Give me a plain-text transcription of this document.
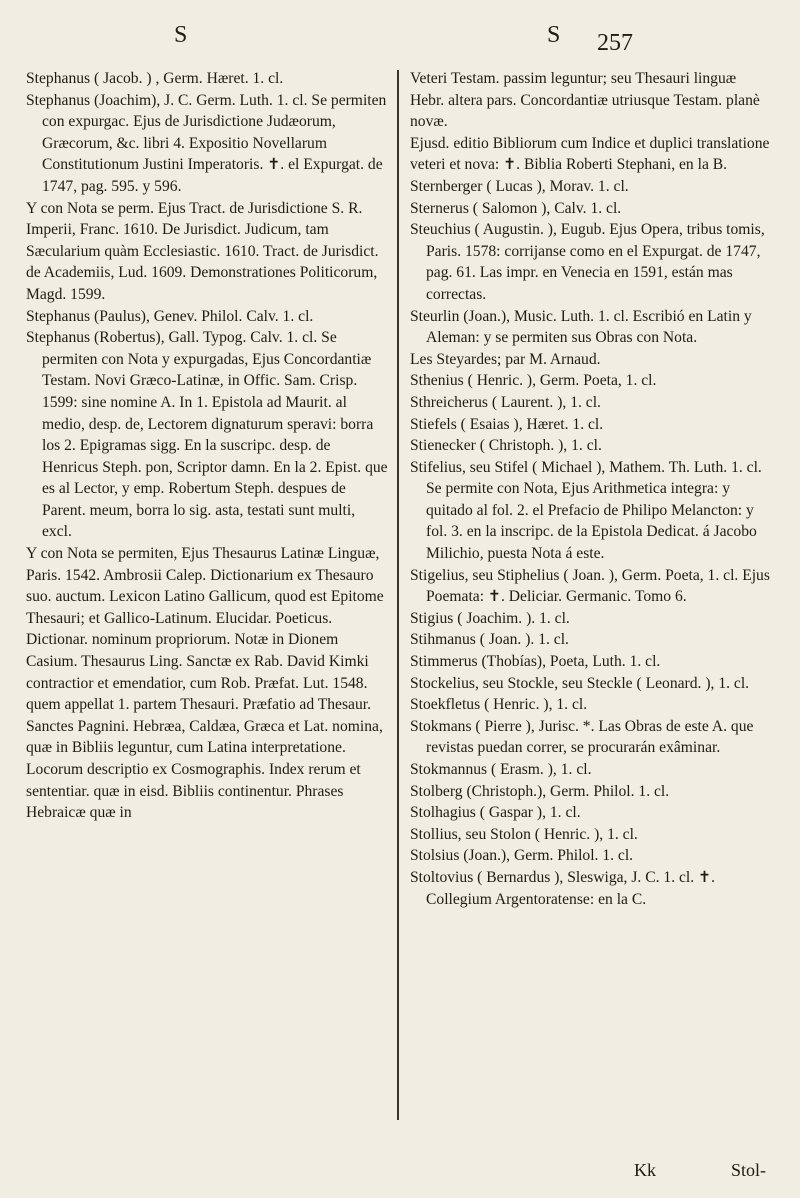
S	S 257

Stephanus ( Jacob. ) , Germ. Hæret. 1. cl.

Stephanus (Joachim), J. C. Germ. Luth. 1. cl. Se permiten con expurgac. Ejus de Jurisdictione Judæorum, Græcorum, &c. libri 4. Expositio Novellarum Constitutionum Justini Imperatoris. ✝. el Expurgat. de 1747, pag. 595. y 596.

Y con Nota se perm. Ejus Tract. de Jurisdictione S. R. Imperii, Franc. 1610. De Jurisdict. Judicum, tam Sæcularium quàm Ecclesiastic. 1610. Tract. de Jurisdict. de Academiis, Lud. 1609. Demonstrationes Politicorum, Magd. 1599.

Stephanus (Paulus), Genev. Philol. Calv. 1. cl.

Stephanus (Robertus), Gall. Typog. Calv. 1. cl. Se permiten con Nota y expurgadas, Ejus Concordantiæ Testam. Novi Græco-Latinæ, in Offic. Sam. Crisp. 1599: sine nomine A. In 1. Epistola ad Maurit. al medio, desp. de, Lectorem dignaturum speravi: borra los 2. Epigramas sigg. En la suscripc. desp. de Henricus Steph. pon, Scriptor damn. En la 2. Epist. que es al Lector, y emp. Robertum Steph. despues de Parent. meum, borra lo sig. asta, testati sunt multi, excl.

Y con Nota se permiten, Ejus Thesaurus Latinæ Linguæ, Paris. 1542. Ambrosii Calep. Dictionarium ex Thesauro suo. auctum. Lexicon Latino Gallicum, quod est Epitome Thesauri; et Gallico-Latinum. Elucidar. Poeticus. Dictionar. nominum propriorum. Notæ in Dionem Casium. Thesaurus Ling. Sanctæ ex Rab. David Kimki contractior et emendatior, cum Rob. Præfat. Lut. 1548. quem appellat 1. partem Thesauri. Præfatio ad Thesaur. Sanctes Pagnini. Hebræa, Caldæa, Græca et Lat. nomina, quæ in Bibliis leguntur, cum Latina interpretatione. Locorum descriptio ex Cosmographis. Index rerum et sententiar. quæ in eisd. Bibliis continentur. Phrases Hebraicæ quæ in

Veteri Testam. passim leguntur; seu Thesauri linguæ Hebr. altera pars. Concordantiæ utriusque Testam. planè novæ.

Ejusd. editio Bibliorum cum Indice et duplici translatione veteri et nova: ✝. Biblia Roberti Stephani, en la B.

Sternberger ( Lucas ), Morav. 1. cl.

Sternerus ( Salomon ), Calv. 1. cl.

Steuchius ( Augustin. ), Eugub. Ejus Opera, tribus tomis, Paris. 1578: corrijanse como en el Expurgat. de 1747, pag. 61. Las impr. en Venecia en 1591, están mas correctas.

Steurlin (Joan.), Music. Luth. 1. cl. Escribió en Latin y Aleman: y se permiten sus Obras con Nota.

Les Steyardes; par M. Arnaud.

Sthenius ( Henric. ), Germ. Poeta, 1. cl.

Sthreicherus ( Laurent. ), 1. cl.

Stiefels ( Esaias ), Hæret. 1. cl.

Stienecker ( Christoph. ), 1. cl.

Stifelius, seu Stifel ( Michael ), Mathem. Th. Luth. 1. cl. Se permite con Nota, Ejus Arithmetica integra: y quitado al fol. 2. el Prefacio de Philipo Melancton: y fol. 3. en la inscripc. de la Epistola Dedicat. á Jacobo Milichio, puesta Nota á este.

Stigelius, seu Stiphelius ( Joan. ), Germ. Poeta, 1. cl. Ejus Poemata: ✝. Deliciar. Germanic. Tomo 6.

Stigius ( Joachim. ). 1. cl.

Stihmanus ( Joan. ). 1. cl.

Stimmerus (Thobías), Poeta, Luth. 1. cl.

Stockelius, seu Stockle, seu Steckle ( Leonard. ), 1. cl.

Stoekfletus ( Henric. ), 1. cl.

Stokmans ( Pierre ), Jurisc. *. Las Obras de este A. que revistas puedan correr, se procurarán exâminar.

Stokmannus ( Erasm. ), 1. cl.

Stolberg (Christoph.), Germ. Philol. 1. cl.

Stolhagius ( Gaspar ), 1. cl.

Stollius, seu Stolon ( Henric. ), 1. cl.

Stolsius (Joan.), Germ. Philol. 1. cl.

Stoltovius ( Bernardus ), Sleswiga, J. C. 1. cl. ✝. Collegium Argentoratense: en la C.

Kk	Stol-
